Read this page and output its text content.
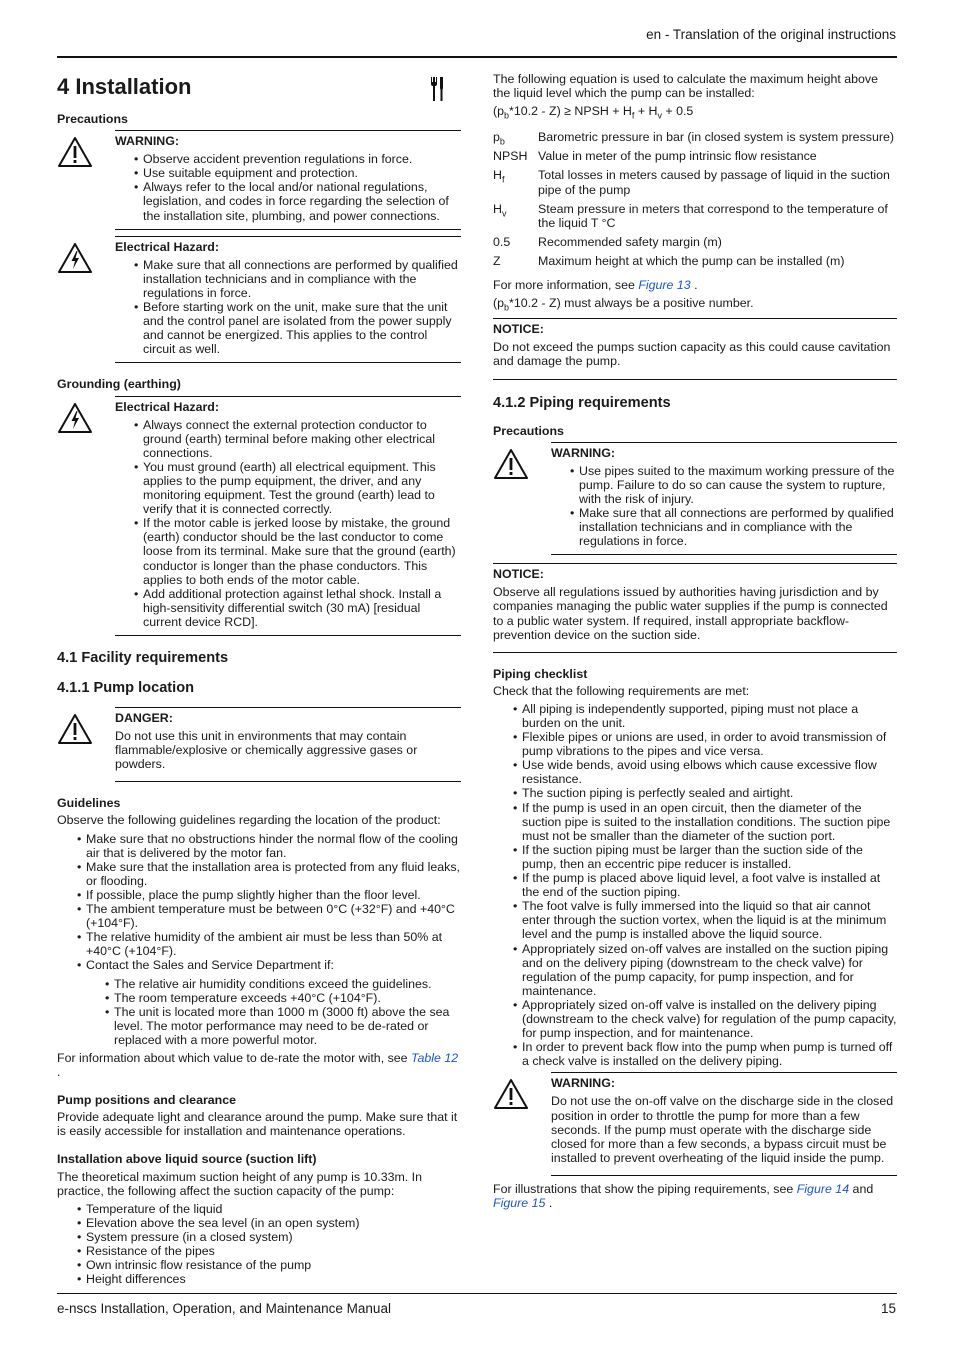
en - Translation of the original instructions
4 Installation
Precautions
WARNING:
• Observe accident prevention regulations in force.
• Use suitable equipment and protection.
• Always refer to the local and/or national regulations, legislation, and codes in force regarding the selection of the installation site, plumbing, and power connections.
Electrical Hazard:
• Make sure that all connections are performed by qualified installation technicians and in compliance with the regulations in force.
• Before starting work on the unit, make sure that the unit and the control panel are isolated from the power supply and cannot be energized. This applies to the control circuit as well.
Grounding (earthing)
Electrical Hazard:
• Always connect the external protection conductor to ground (earth) terminal before making other electrical connections.
• You must ground (earth) all electrical equipment. This applies to the pump equipment, the driver, and any monitoring equipment. Test the ground (earth) lead to verify that it is connected correctly.
• If the motor cable is jerked loose by mistake, the ground (earth) conductor should be the last conductor to come loose from its terminal. Make sure that the ground (earth) conductor is longer than the phase conductors. This applies to both ends of the motor cable.
• Add additional protection against lethal shock. Install a high-sensitivity differential switch (30 mA) [residual current device RCD].
4.1 Facility requirements
4.1.1 Pump location
DANGER:

Do not use this unit in environments that may contain flammable/explosive or chemically aggressive gases or powders.

Guidelines

Observe the following guidelines regarding the location of the product:

• Make sure that no obstructions hinder the normal flow of the cooling air that is delivered by the motor fan.
• Make sure that the installation area is protected from any fluid leaks, or flooding.
• If possible, place the pump slightly higher than the floor level.
• The ambient temperature must be between 0°C (+32°F) and +40°C (+104°F).
• The relative humidity of the ambient air must be less than 50% at +40°C (+104°F).
• Contact the Sales and Service Department if:
• The relative air humidity conditions exceed the guidelines.
• The room temperature exceeds +40°C (+104°F).
• The unit is located more than 1000 m (3000 ft) above the sea level. The motor performance may need to be de-rated or replaced with a more powerful motor.

For information about which value to de-rate the motor with, see Table 12 .

Pump positions and clearance

Provide adequate light and clearance around the pump. Make sure that it is easily accessible for installation and maintenance operations.

Installation above liquid source (suction lift)

The theoretical maximum suction height of any pump is 10.33m. In practice, the following affect the suction capacity of the pump:

• Temperature of the liquid
• Elevation above the sea level (in an open system)
• System pressure (in a closed system)
• Resistance of the pipes
• Own intrinsic flow resistance of the pump
• Height differences

The following equation is used to calculate the maximum height above the liquid level which the pump can be installed:

$(p_b*10.2 - Z)$ ≥ NPSH + $H_f + H_v + 0.5$

$p_b$	Barometric pressure in bar (in closed system is system pressure)
NPSH Value in meter of the pump intrinsic flow resistance
$H_f$	Total losses in meters caused by passage of liquid in the suction pipe of the pump
$H_v$	Steam pressure in meters that correspond to the temperature of the liquid T °C
0.5	Recommended safety margin (m)
Z	Maximum height at which the pump can be installed (m)

For more information, see Figure 13 .

$(p_b*10.2 - Z)$ must always be a positive number.

NOTICE:

Do not exceed the pumps suction capacity as this could cause cavitation and damage the pump.

4.1.2 Piping requirements
Precautions
WARNING:
• Use pipes suited to the maximum working pressure of the pump. Failure to do so can cause the system to rupture, with the risk of injury.
• Make sure that all connections are performed by qualified installation technicians and in compliance with the regulations in force.
NOTICE:

Observe all regulations issued by authorities having jurisdiction and by companies managing the public water supplies if the pump is connected to a public water system. If required, install appropriate backflow-prevention device on the suction side.

Piping checklist

Check that the following requirements are met:

• All piping is independently supported, piping must not place a burden on the unit.
• Flexible pipes or unions are used, in order to avoid transmission of pump vibrations to the pipes and vice versa.
• Use wide bends, avoid using elbows which cause excessive flow resistance.
• The suction piping is perfectly sealed and airtight.
• If the pump is used in an open circuit, then the diameter of the suction pipe is suited to the installation conditions. The suction pipe must not be smaller than the diameter of the suction port.
• If the suction piping must be larger than the suction side of the pump, then an eccentric pipe reducer is installed.
• If the pump is placed above liquid level, a foot valve is installed at the end of the suction piping.
• The foot valve is fully immersed into the liquid so that air cannot enter through the suction vortex, when the liquid is at the minimum level and the pump is installed above the liquid source.
• Appropriately sized on-off valves are installed on the suction piping and on the delivery piping (downstream to the check valve) for regulation of the pump capacity, for pump inspection, and for maintenance.
• Appropriately sized on-off valve is installed on the delivery piping (downstream to the check valve) for regulation of the pump capacity, for pump inspection, and for maintenance.
• In order to prevent back flow into the pump when pump is turned off a check valve is installed on the delivery piping.
WARNING:

Do not use the on-off valve on the discharge side in the closed position in order to throttle the pump for more than a few seconds. If the pump must operate with the discharge side closed for more than a few seconds, a bypass circuit must be installed to prevent overheating of the liquid inside the pump.

For illustrations that show the piping requirements, see Figure 14 and Figure 15 .

e-nscs Installation, Operation, and Maintenance Manual	15
